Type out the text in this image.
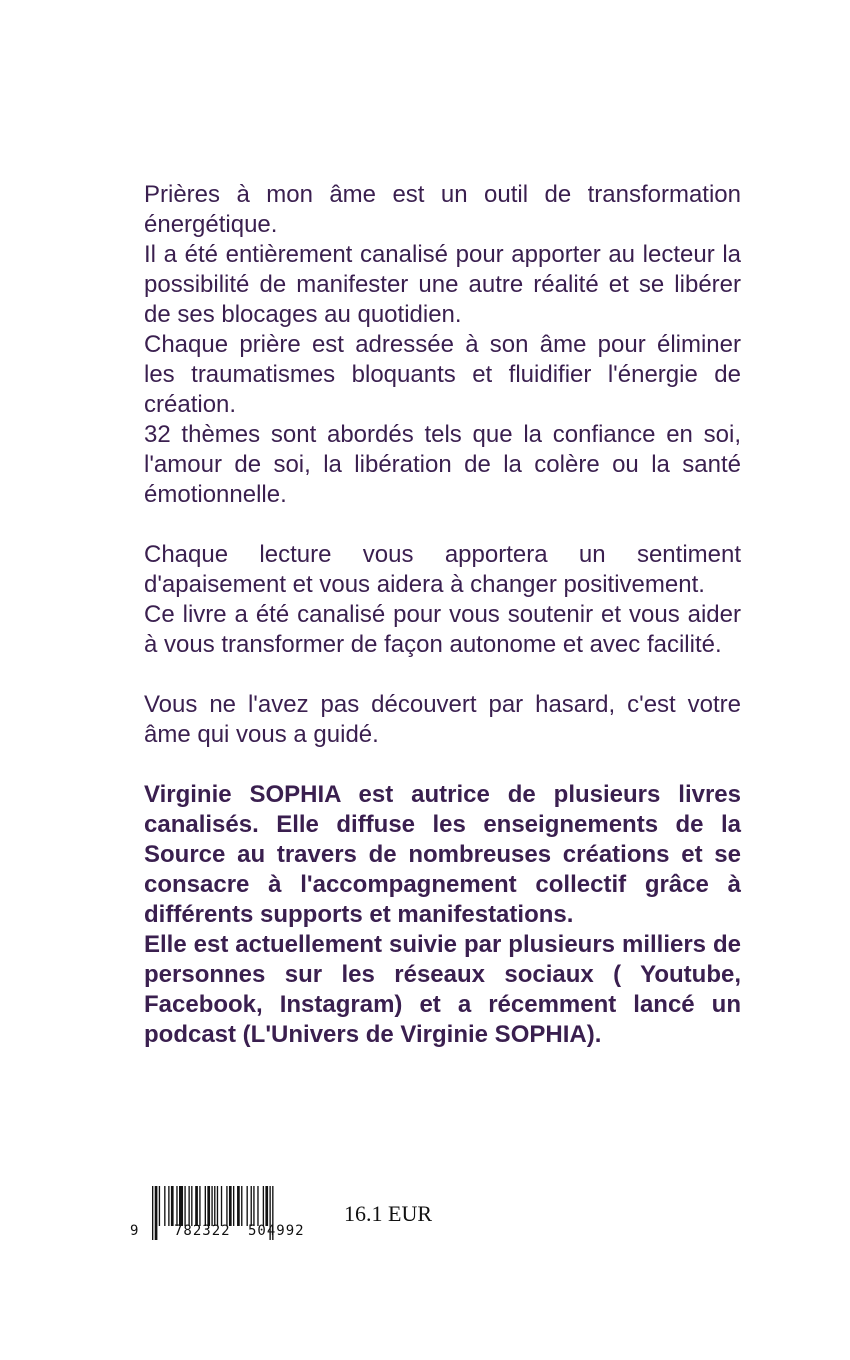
Prières à mon âme est un outil de transformation énergétique.

Il a été entièrement canalisé pour apporter au lecteur la possibilité de manifester une autre réalité et se libérer de ses blocages au quotidien.

Chaque prière est adressée à son âme pour éliminer les traumatismes bloquants et fluidifier l'énergie de création.

32 thèmes sont abordés tels que la confiance en soi, l'amour de soi, la libération de la colère ou la santé émotionnelle.

Chaque lecture vous apportera un sentiment d'apaisement et vous aidera à changer positivement.

Ce livre a été canalisé pour vous soutenir et vous aider à vous transformer de façon autonome et avec facilité.

Vous ne l'avez pas découvert par hasard, c'est votre âme qui vous a guidé.

Virginie SOPHIA est autrice de plusieurs livres canalisés. Elle diffuse les enseignements de la Source au travers de nombreuses créations et se consacre à l'accompagnement collectif grâce à différents supports et manifestations.

Elle est actuellement suivie par plusieurs milliers de personnes sur les réseaux sociaux ( Youtube, Facebook, Instagram) et a récemment lancé un podcast (L'Univers de Virginie SOPHIA).

9	782322 504992
16.1 EUR
